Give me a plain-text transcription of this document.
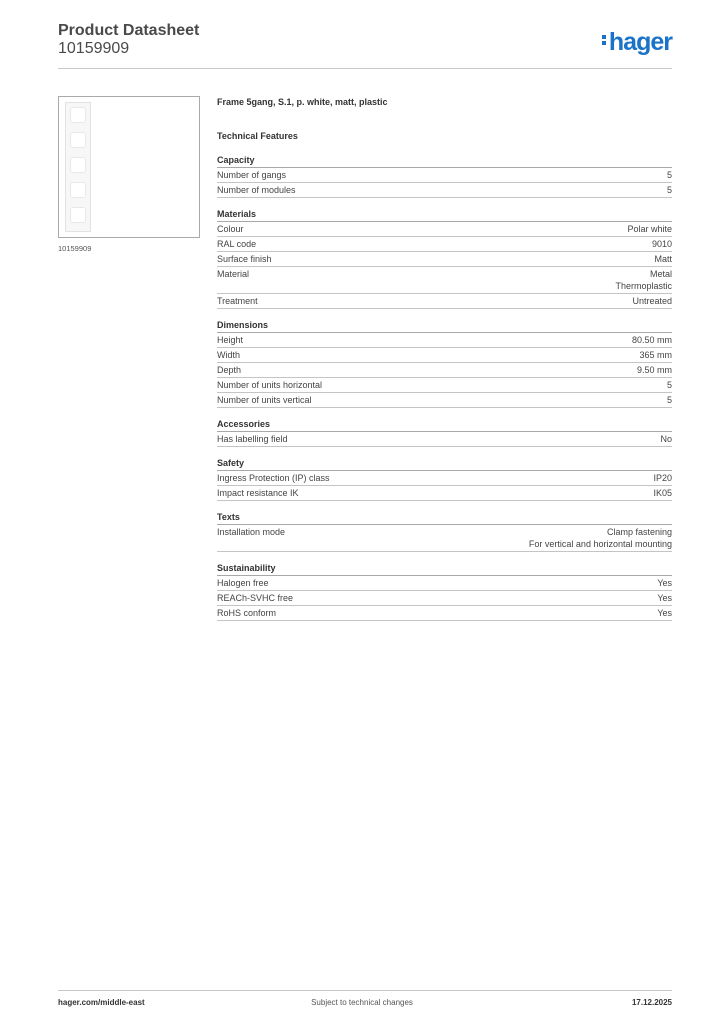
Product Datasheet
10159909	hager
10159909
Frame 5gang, S.1, p. white, matt, plastic
Technical Features
Capacity
Number of gangs	5
Number of modules	5
Materials
Colour	Polar white
RAL code	9010
Surface finish	Matt
Material	Metal
Thermoplastic
Treatment	Untreated
Dimensions
Height	80.50 mm
Width	365 mm
Depth	9.50 mm
Number of units horizontal	5
Number of units vertical	5
Accessories
Has labelling field	No
Safety
Ingress Protection (IP) class	IP20
Impact resistance IK	IK05
Texts
Installation mode	Clamp fastening
For vertical and horizontal mounting
Sustainability
Halogen free	Yes
REACh-SVHC free	Yes
RoHS conform	Yes
hager.com/middle-east	Subject to technical changes	17.12.2025
